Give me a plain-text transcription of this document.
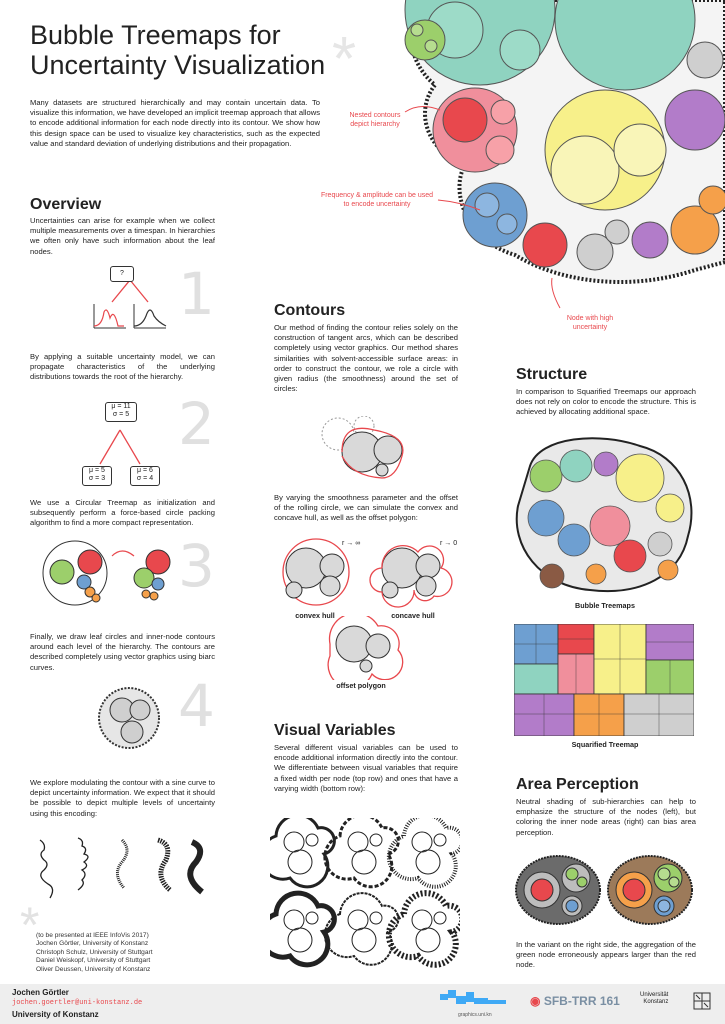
*
Bubble Treemaps for
Uncertainty Visualization
Many datasets are structured hierarchically and may contain uncertain data. To visualize this information, we have developed an implicit treemap approach that allows to encode additional information for each node directly into its contour. We show how this design space can be used to visualize key characteristics, such as the expected value and standard deviation of underlying distributions and their propagation.
Nested contours depict hierarchy
Frequency & amplitude can be used to encode uncertainty
Node with high uncertainty
Overview
Uncertainties can arise for example when we collect multiple measurements over a timespan. In hierarchies we often only have such information about the leaf nodes.
1
?
By applying a suitable uncertainty model, we can propagate characteristics of the underlying distributions towards the root of the hierarchy.
2
μ = 11
σ = 5
μ = 5
σ = 3
μ = 6
σ = 4
We use a Circular Treemap as initialization and subsequently perform a force-based circle packing algorithm to find a more compact representation.
3
Finally, we draw leaf circles and inner-node contours around each level of the hierarchy. The contours are described completely using vector graphics using biarc curves.
4
We explore modulating the contour with a sine curve to depict uncertainty information. We expect that it should be possible to depict multiple levels of uncertainty using this encoding:
*
(to be presented at IEEE InfoVis 2017)
Jochen Görtler, University of Konstanz
Christoph Schulz, University of Stuttgart
Daniel Weiskopf, University of Stuttgart
Oliver Deussen, University of Konstanz
Contours
Our method of finding the contour relies solely on the construction of tangent arcs, which can be described completely using vector graphics. Our method shares similarities with solvent-accessible surface areas: in order to construct the contour, we role a circle with given radius (the smoothness) around the set of circles:
By varying the smoothness parameter and the offset of the rolling circle, we can simulate the convex and concave hull, as well as the offset polygon:
r → ∞	r → 0
convex hull	concave hull
offset polygon
Visual Variables
Several different visual variables can be used to encode additional information directly into the contour. We differentiate between visual variables that require a fixed width per node (top row) and ones that have a varying width (bottom row):
Structure
In comparison to Squarified Treemaps our approach does not rely on color to encode the structure. This is achieved by allocating additional space.
Bubble Treemaps
Squarified Treemap
Area Perception
Neutral shading of sub-hierarchies can help to emphasize the structure of the nodes (left), but coloring the inner node areas (right) can bias area perception.
In the variant on the right side, the aggregation of the green node erroneously appears larger than the red node.
Jochen Görtler
jochen.goertler@uni-konstanz.de
University of Konstanz	graphics.uni.kn
◉ SFB-TRR 161	Universität
Konstanz
